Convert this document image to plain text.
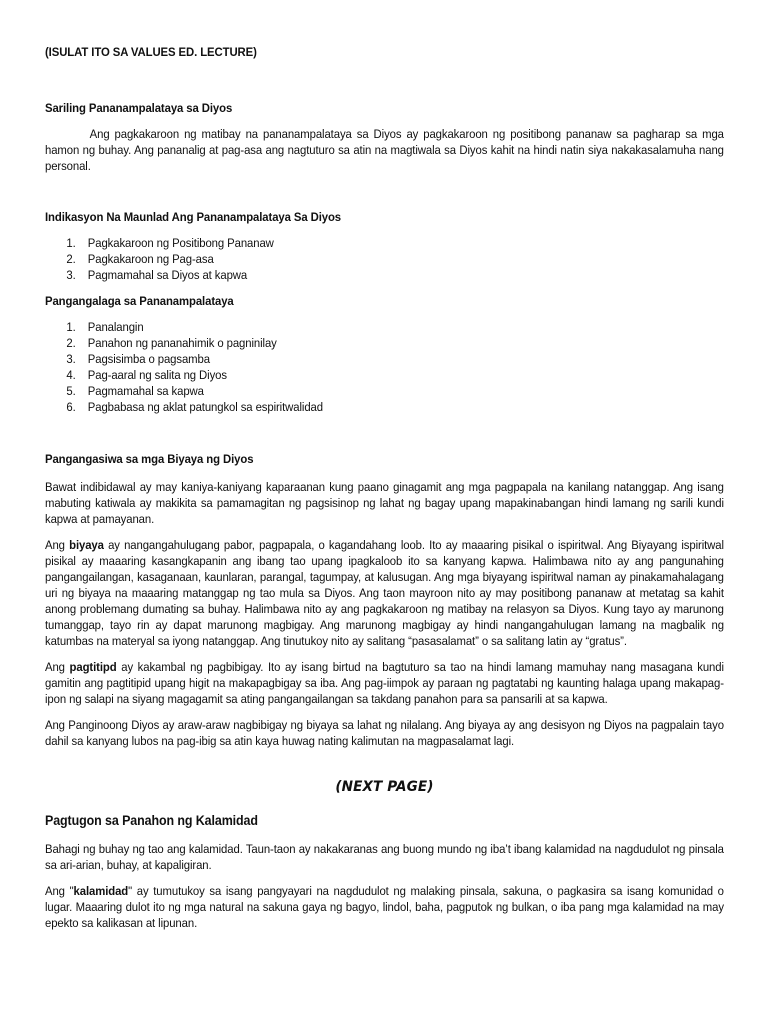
(ISULAT ITO SA VALUES ED. LECTURE)

Sariling Pananampalataya sa Diyos

Ang pagkakaroon ng matibay na pananampalataya sa Diyos ay pagkakaroon ng positibong pananaw sa pagharap sa mga hamon ng buhay. Ang pananalig at pag-asa ang nagtuturo sa atin na magtiwala sa Diyos kahit na hindi natin siya nakakasalamuha nang personal.

Indikasyon Na Maunlad Ang Pananampalataya Sa Diyos

1. Pagkakaroon ng Positibong Pananaw
2. Pagkakaroon ng Pag-asa
3. Pagmamahal sa Diyos at kapwa

Pangangalaga sa Pananampalataya

1. Panalangin
2. Panahon ng pananahimik o pagninilay
3. Pagsisimba o pagsamba
4. Pag-aaral ng salita ng Diyos
5. Pagmamahal sa kapwa
6. Pagbabasa ng aklat patungkol sa espiritwalidad

Pangangasiwa sa mga Biyaya ng Diyos

Bawat indibidawal ay may kaniya-kaniyang kaparaanan kung paano ginagamit ang mga pagpapala na kanilang natanggap. Ang isang mabuting katiwala ay makikita sa pamamagitan ng pagsisinop ng lahat ng bagay upang mapakinabangan hindi lamang ng sarili kundi kapwa at pamayanan.

Ang biyaya ay nangangahulugang pabor, pagpapala, o kagandahang loob. Ito ay maaaring pisikal o ispiritwal. Ang Biyayang ispiritwal pisikal ay maaaring kasangkapanin ang ibang tao upang ipagkaloob ito sa kanyang kapwa. Halimbawa nito ay ang pangunahing pangangailangan, kasaganaan, kaunlaran, parangal, tagumpay, at kalusugan. Ang mga biyayang ispiritwal naman ay pinakamahalagang uri ng biyaya na maaaring matanggap ng tao mula sa Diyos. Ang taon mayroon nito ay may positibong pananaw at metatag sa kahit anong problemang dumating sa buhay. Halimbawa nito ay ang pagkakaroon ng matibay na relasyon sa Diyos. Kung tayo ay marunong tumanggap, tayo rin ay dapat marunong magbigay. Ang marunong magbigay ay hindi nangangahulugan lamang na magbalik ng katumbas na materyal sa iyong natanggap. Ang tinutukoy nito ay salitang “pasasalamat” o sa salitang latin ay “gratus”.

Ang pagtitipd ay kakambal ng pagbibigay. Ito ay isang birtud na bagtuturo sa tao na hindi lamang mamuhay nang masagana kundi gamitin ang pagtitipid upang higit na makapagbigay sa iba. Ang pag-iimpok ay paraan ng pagtatabi ng kaunting halaga upang makapag-ipon ng salapi na siyang magagamit sa ating pangangailangan sa takdang panahon para sa pansarili at sa kapwa.

Ang Panginoong Diyos ay araw-araw nagbibigay ng biyaya sa lahat ng nilalang. Ang biyaya ay ang desisyon ng Diyos na pagpalain tayo dahil sa kanyang lubos na pag-ibig sa atin kaya huwag nating kalimutan na magpasalamat lagi.

(NEXT PAGE)

Pagtugon sa Panahon ng Kalamidad

Bahagi ng buhay ng tao ang kalamidad. Taun-taon ay nakakaranas ang buong mundo ng iba’t ibang kalamidad na nagdudulot ng pinsala sa ari-arian, buhay, at kapaligiran.

Ang "kalamidad" ay tumutukoy sa isang pangyayari na nagdudulot ng malaking pinsala, sakuna, o pagkasira sa isang komunidad o lugar. Maaaring dulot ito ng mga natural na sakuna gaya ng bagyo, lindol, baha, pagputok ng bulkan, o iba pang mga kalamidad na may epekto sa kalikasan at lipunan.
